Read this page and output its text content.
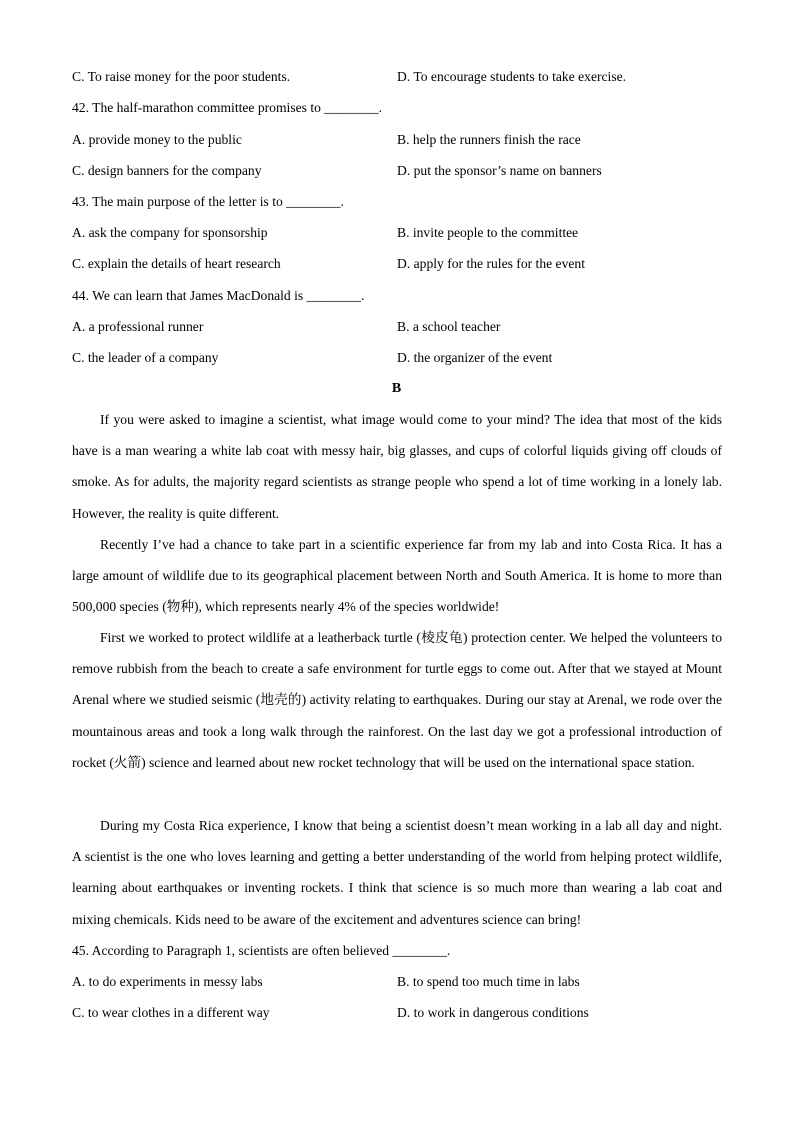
C. To raise money for the poor students.	D. To encourage students to take exercise.
42. The half-marathon committee promises to ________.
A. provide money to the public	B. help the runners finish the race
C. design banners for the company	D. put the sponsor’s name on banners
43. The main purpose of the letter is to ________.
A. ask the company for sponsorship	B. invite people to the committee
C. explain the details of heart research	D. apply for the rules for the event
44. We can learn that James MacDonald is ________.
A. a professional runner	B. a school teacher
C. the leader of a company	D. the organizer of the event
B
If you were asked to imagine a scientist, what image would come to your mind? The idea that most of the kids have is a man wearing a white lab coat with messy hair, big glasses, and cups of colorful liquids giving off clouds of smoke. As for adults, the majority regard scientists as strange people who spend a lot of time working in a lonely lab. However, the reality is quite different.
Recently I’ve had a chance to take part in a scientific experience far from my lab and into Costa Rica. It has a large amount of wildlife due to its geographical placement between North and South America. It is home to more than 500,000 species (物种), which represents nearly 4% of the species worldwide!
First we worked to protect wildlife at a leatherback turtle (棱皮龟) protection center. We helped the volunteers to remove rubbish from the beach to create a safe environment for turtle eggs to come out. After that we stayed at Mount Arenal where we studied seismic (地壳的) activity relating to earthquakes. During our stay at Arenal, we rode over the mountainous areas and took a long walk through the rainforest. On the last day we got a professional introduction of rocket (火箭) science and learned about new rocket technology that will be used on the international space station.
During my Costa Rica experience, I know that being a scientist doesn’t mean working in a lab all day and night. A scientist is the one who loves learning and getting a better understanding of the world from helping protect wildlife, learning about earthquakes or inventing rockets. I think that science is so much more than wearing a lab coat and mixing chemicals. Kids need to be aware of the excitement and adventures science can bring!
45. According to Paragraph 1, scientists are often believed ________.
A. to do experiments in messy labs	B. to spend too much time in labs
C. to wear clothes in a different way	D. to work in dangerous conditions
